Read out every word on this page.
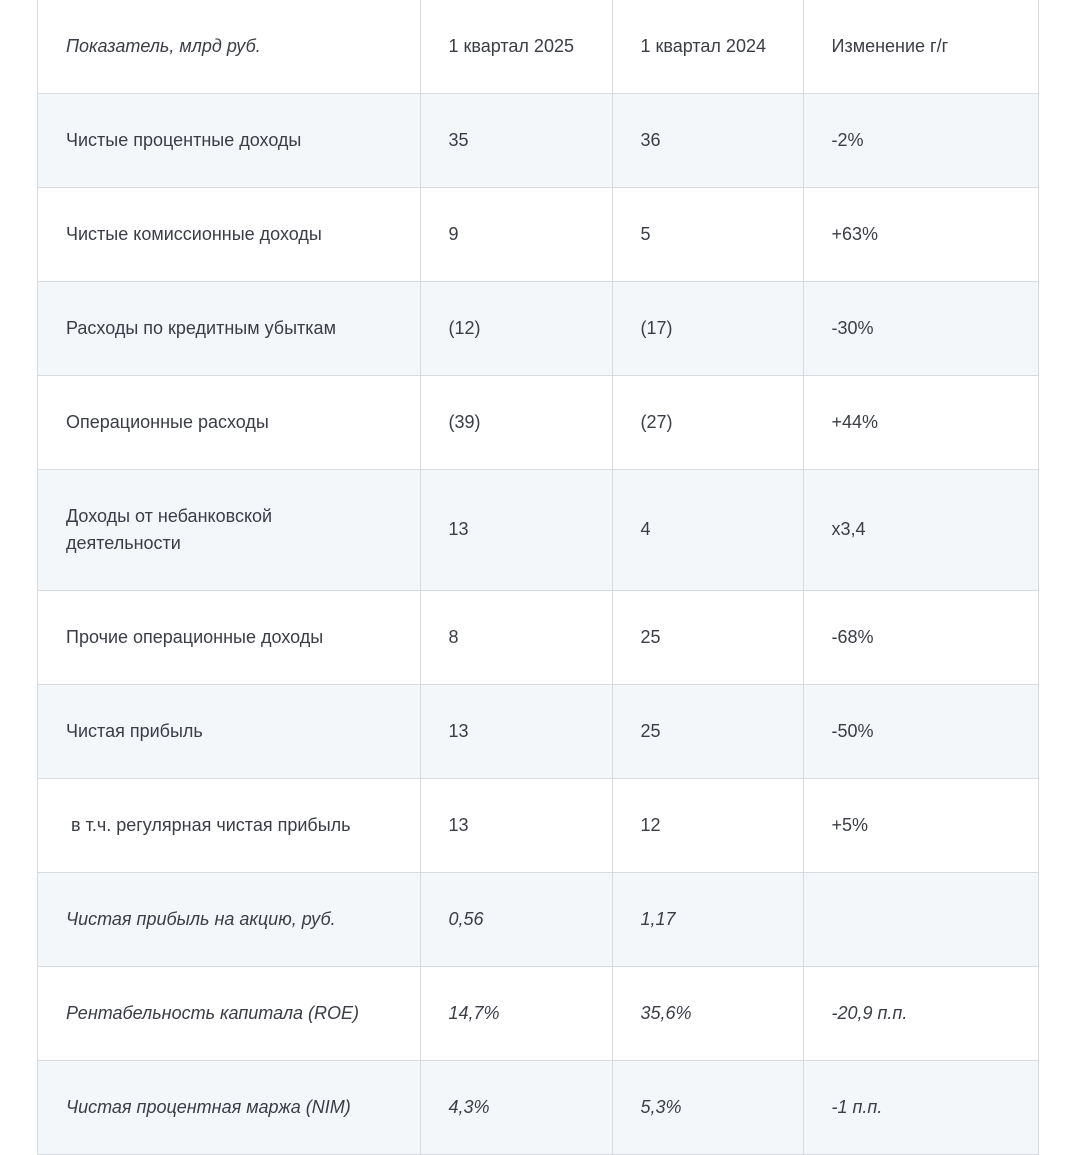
Показатель, млрд руб.	1 квартал 2025	1 квартал 2024	Изменение г/г
Чистые процентные доходы	35	36	-2%
Чистые комиссионные доходы	9	5	+63%
Расходы по кредитным убыткам	(12)	(17)	-30%
Операционные расходы	(39)	(27)	+44%
Доходы от небанковской деятельности	13	4	x3,4
Прочие операционные доходы	8	25	-68%
Чистая прибыль	13	25	-50%
в т.ч. регулярная чистая прибыль	13	12	+5%
Чистая прибыль на акцию, руб.	0,56	1,17	
Рентабельность капитала (ROE)	14,7%	35,6%	-20,9 п.п.
Чистая процентная маржа (NIM)	4,3%	5,3%	-1 п.п.
